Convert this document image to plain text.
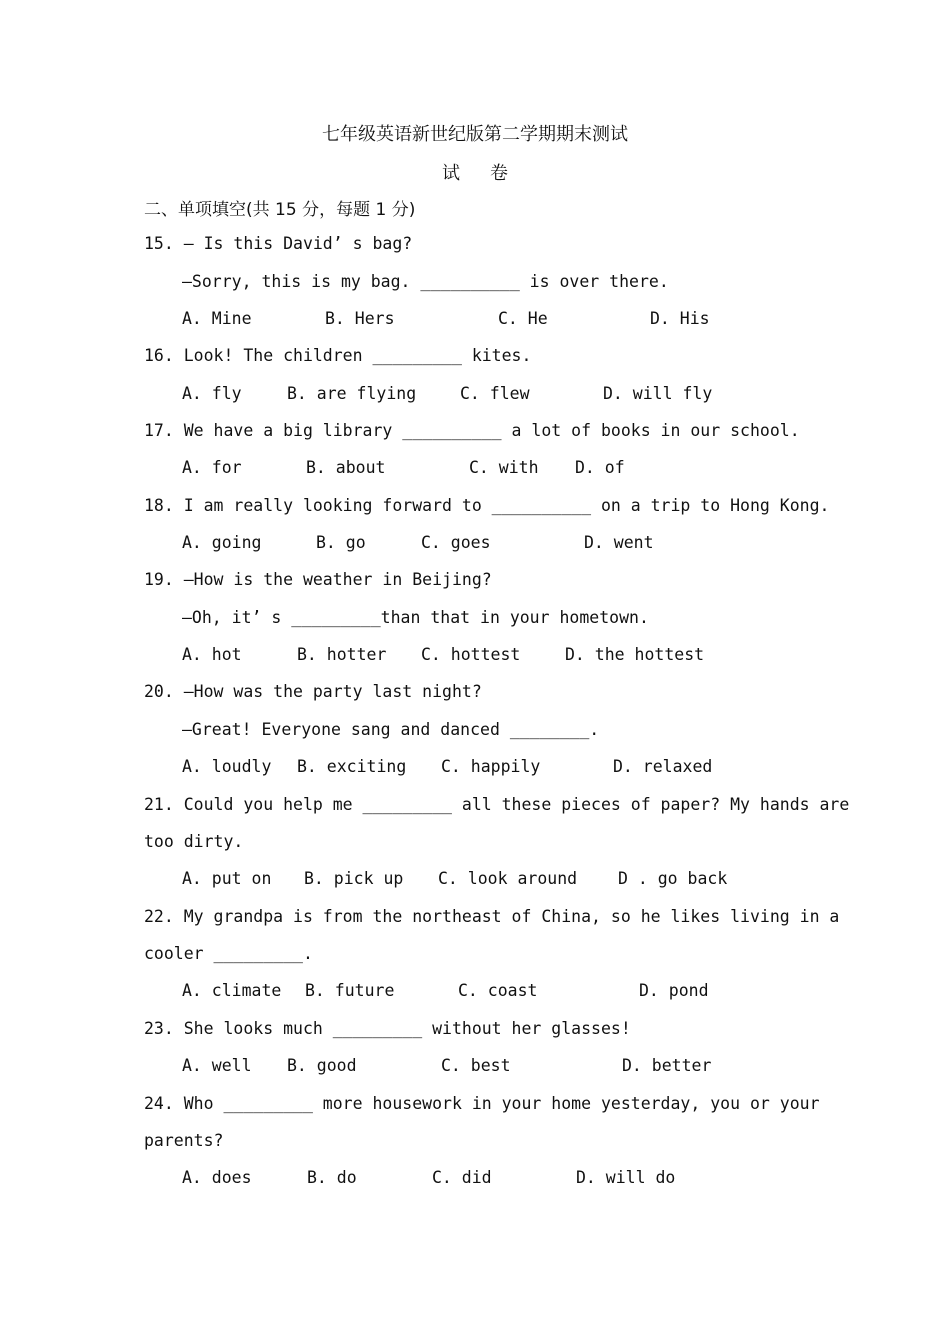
七年级英语新世纪版第二学期期末测试
试卷
二、单项填空(共 15 分，每题 1 分)
15. — Is this David’ s bag?
—Sorry, this is my bag. __________ is over there.
A. Mine	B. Hers	C. He	D. His
16. Look! The children _________ kites.
A. fly	B. are flying	C. flew	D. will fly
17. We have a big library __________ a lot of books in our school.
A. for	B. about	C. with D. of
18. I am really looking forward to __________ on a trip to Hong Kong.
A. going	B. go	C. goes	D. went
19. —How is the weather in Beijing?
—Oh, it’ s _________than that in your hometown.
A. hot	B. hotter C. hottest	D. the hottest
20. —How was the party last night?
—Great! Everyone sang and danced ________.
A. loudly B. exciting C. happily	D. relaxed
21. Could you help me _________ all these pieces of paper? My hands are
too dirty.
A. put on B. pick up C. look around D . go back
22. My grandpa is from the northeast of China, so he likes living in a
cooler _________.
A. climate B. future	C. coast	D. pond
23. She looks much _________ without her glasses!
A. well B. good	C. best	D. better
24. Who _________ more housework in your home yesterday, you or your
parents?
A. does	B. do	C. did	D. will do
